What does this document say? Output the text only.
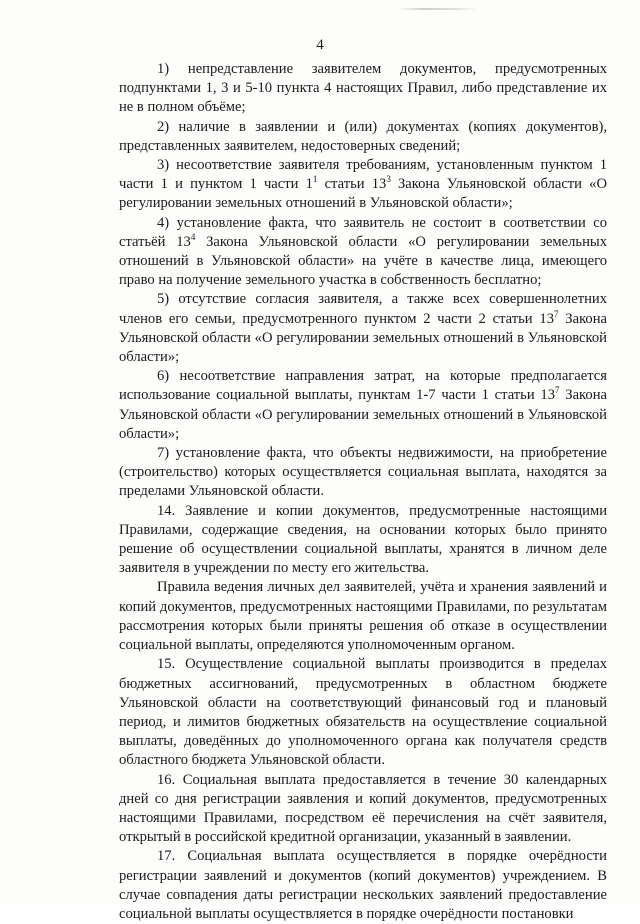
4

1) непредставление заявителем документов, предусмотренных подпунктами 1, 3 и 5-10 пункта 4 настоящих Правил, либо представление их не в полном объёме;

2) наличие в заявлении и (или) документах (копиях документов), представленных заявителем, недостоверных сведений;

3) несоответствие заявителя требованиям, установленным пунктом 1 части 1 и пунктом 1 части $1^1$ статьи $13^3$ Закона Ульяновской области «О регулировании земельных отношений в Ульяновской области»;

4) установление факта, что заявитель не состоит в соответствии со статьёй $13^4$ Закона Ульяновской области «О регулировании земельных отношений в Ульяновской области» на учёте в качестве лица, имеющего право на получение земельного участка в собственность бесплатно;

5) отсутствие согласия заявителя, а также всех совершеннолетних членов его семьи, предусмотренного пунктом 2 части 2 статьи $13^7$ Закона Ульяновской области «О регулировании земельных отношений в Ульяновской области»;

6) несоответствие направления затрат, на которые предполагается использование социальной выплаты, пунктам 1-7 части 1 статьи $13^7$ Закона Ульяновской области «О регулировании земельных отношений в Ульяновской области»;

7) установление факта, что объекты недвижимости, на приобретение (строительство) которых осуществляется социальная выплата, находятся за пределами Ульяновской области.

14. Заявление и копии документов, предусмотренные настоящими Правилами, содержащие сведения, на основании которых было принято решение об осуществлении социальной выплаты, хранятся в личном деле заявителя в учреждении по месту его жительства.

Правила ведения личных дел заявителей, учёта и хранения заявлений и копий документов, предусмотренных настоящими Правилами, по результатам рассмотрения которых были приняты решения об отказе в осуществлении социальной выплаты, определяются уполномоченным органом.

15. Осуществление социальной выплаты производится в пределах бюджетных ассигнований, предусмотренных в областном бюджете Ульяновской области на соответствующий финансовый год и плановый период, и лимитов бюджетных обязательств на осуществление социальной выплаты, доведённых до уполномоченного органа как получателя средств областного бюджета Ульяновской области.

16. Социальная выплата предоставляется в течение 30 календарных дней со дня регистрации заявления и копий документов, предусмотренных настоящими Правилами, посредством её перечисления на счёт заявителя, открытый в российской кредитной организации, указанный в заявлении.

17. Социальная выплата осуществляется в порядке очерёдности регистрации заявлений и документов (копий документов) учреждением. В случае совпадения даты регистрации нескольких заявлений предоставление социальной выплаты осуществляется в порядке очерёдности постановки
